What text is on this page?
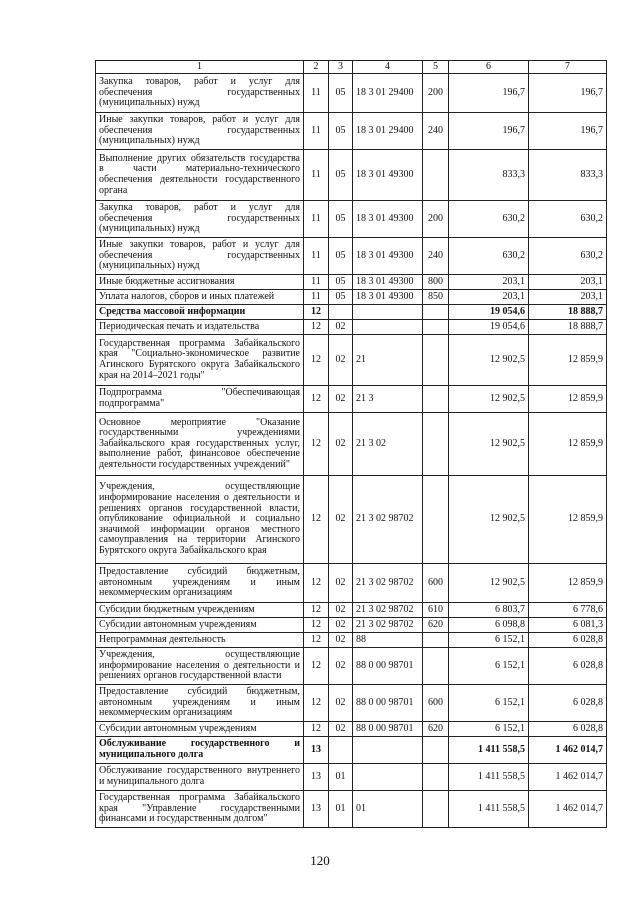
1	2	3	4	5	6	7
Закупка товаров, работ и услуг для обеспечения государственных (муниципальных) нужд	11	05	18 3 01 29400	200	196,7	196,7
Иные закупки товаров, работ и услуг для обеспечения государственных (муниципальных) нужд	11	05	18 3 01 29400	240	196,7	196,7
Выполнение других обязательств государства в части материально-технического обеспечения деятельности государственного органа	11	05	18 3 01 49300		833,3	833,3
Закупка товаров, работ и услуг для обеспечения государственных (муниципальных) нужд	11	05	18 3 01 49300	200	630,2	630,2
Иные закупки товаров, работ и услуг для обеспечения государственных (муниципальных) нужд	11	05	18 3 01 49300	240	630,2	630,2
Иные бюджетные ассигнования	11	05	18 3 01 49300	800	203,1	203,1
Уплата налогов, сборов и иных платежей	11	05	18 3 01 49300	850	203,1	203,1
Средства массовой информации	12				19 054,6	18 888,7
Периодическая печать и издательства	12	02			19 054,6	18 888,7
Государственная программа Забайкальского края "Социально-экономическое развитие Агинского Бурятского округа Забайкальского края на 2014–2021 годы"	12	02	21		12 902,5	12 859,9
Подпрограмма "Обеспечивающая подпрограмма"	12	02	21 3		12 902,5	12 859,9
Основное мероприятие "Оказание государственными учреждениями Забайкальского края государственных услуг, выполнение работ, финансовое обеспечение деятельности государственных учреждений"	12	02	21 3 02		12 902,5	12 859,9
Учреждения, осуществляющие информирование населения о деятельности и решениях органов государственной власти, опубликование официальной и социально значимой информации органов местного самоуправления на территории Агинского Бурятского округа Забайкальского края	12	02	21 3 02 98702		12 902,5	12 859,9
Предоставление субсидий бюджетным, автономным учреждениям и иным некоммерческим организациям	12	02	21 3 02 98702	600	12 902,5	12 859,9
Субсидии бюджетным учреждениям	12	02	21 3 02 98702	610	6 803,7	6 778,6
Субсидии автономным учреждениям	12	02	21 3 02 98702	620	6 098,8	6 081,3
Непрограммная деятельность	12	02	88		6 152,1	6 028,8
Учреждения, осуществляющие информирование населения о деятельности и решениях органов государственной власти	12	02	88 0 00 98701		6 152,1	6 028,8
Предоставление субсидий бюджетным, автономным учреждениям и иным некоммерческим организациям	12	02	88 0 00 98701	600	6 152,1	6 028,8
Субсидии автономным учреждениям	12	02	88 0 00 98701	620	6 152,1	6 028,8
Обслуживание государственного и муниципального долга	13				1 411 558,5	1 462 014,7
Обслуживание государственного внутреннего и муниципального долга	13	01			1 411 558,5	1 462 014,7
Государственная программа Забайкальского края "Управление государственными финансами и государственным долгом"	13	01	01		1 411 558,5	1 462 014,7
120
